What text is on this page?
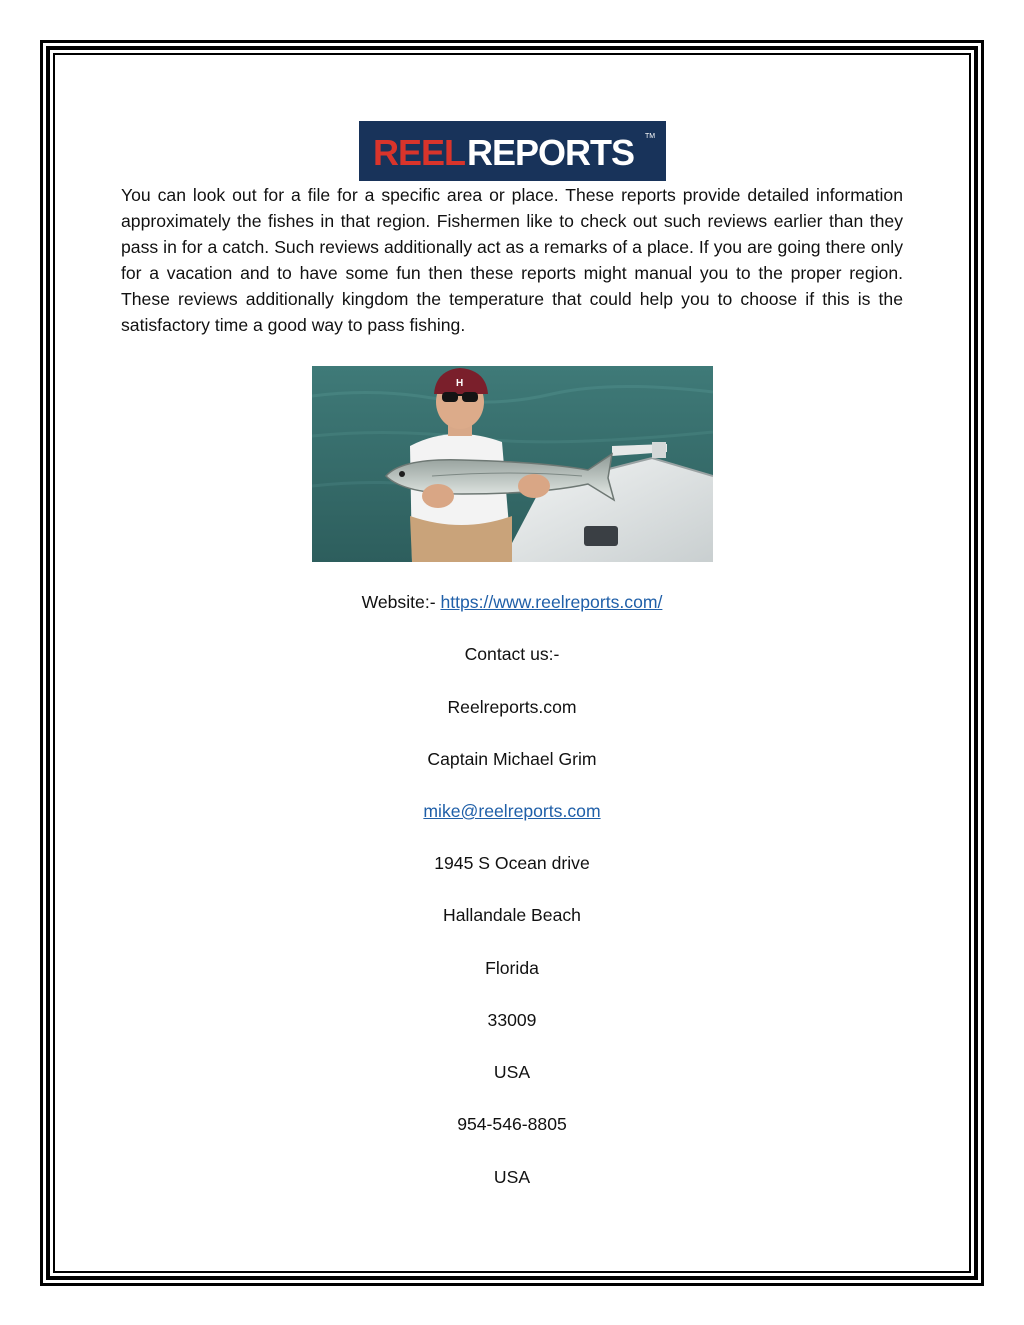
REEL REPORTS TM

You can look out for a file for a specific area or place. These reports provide detailed information approximately the fishes in that region. Fishermen like to check out such reviews earlier than they pass in for a catch. Such reviews additionally act as a remarks of a place. If you are going there only for a vacation and to have some fun then these reports might manual you to the proper region. These reviews additionally kingdom the temperature that could help you to choose if this is the satisfactory time a good way to pass fishing.

H
Website:- https://www.reelreports.com/
Contact us:-
Reelreports.com
Captain Michael Grim
mike@reelreports.com
1945 S Ocean drive
Hallandale Beach
Florida
33009
USA
954-546-8805
USA
